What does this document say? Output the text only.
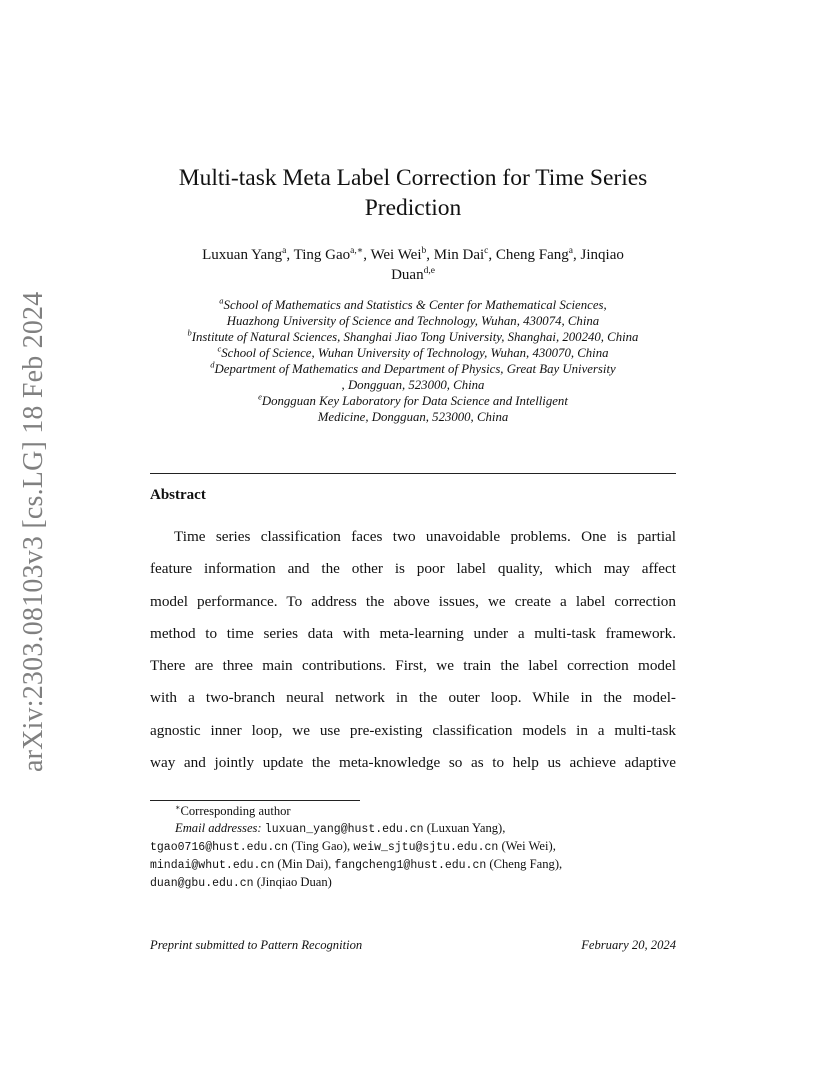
arXiv:2303.08103v3 [cs.LG] 18 Feb 2024
Multi-task Meta Label Correction for Time Series
Prediction
Luxuan Yang$^a$, Ting Gao$^{a,∗}$, Wei Wei$^b$, Min Dai$^c$, Cheng Fang$^a$, Jinqiao
Duan$^{d,e}$
$^a$School of Mathematics and Statistics & Center for Mathematical Sciences,
Huazhong University of Science and Technology, Wuhan, 430074, China
$^b$Institute of Natural Sciences, Shanghai Jiao Tong University, Shanghai, 200240, China
$^c$School of Science, Wuhan University of Technology, Wuhan, 430070, China
$^d$Department of Mathematics and Department of Physics, Great Bay University
, Dongguan, 523000, China
$^e$Dongguan Key Laboratory for Data Science and Intelligent
Medicine, Dongguan, 523000, China
Abstract
Time series classification faces two unavoidable problems. One is partial
feature information and the other is poor label quality, which may affect
model performance. To address the above issues, we create a label correction
method to time series data with meta-learning under a multi-task framework.
There are three main contributions. First, we train the label correction model
with a two-branch neural network in the outer loop. While in the model-
agnostic inner loop, we use pre-existing classification models in a multi-task
way and jointly update the meta-knowledge so as to help us achieve adaptive
∗Corresponding author
Email addresses: luxuan_yang@hust.edu.cn (Luxuan Yang),
tgao0716@hust.edu.cn (Ting Gao), weiw_sjtu@sjtu.edu.cn (Wei Wei),
mindai@whut.edu.cn (Min Dai), fangcheng1@hust.edu.cn (Cheng Fang),
duan@gbu.edu.cn (Jinqiao Duan)
Preprint submitted to Pattern Recognition	February 20, 2024
